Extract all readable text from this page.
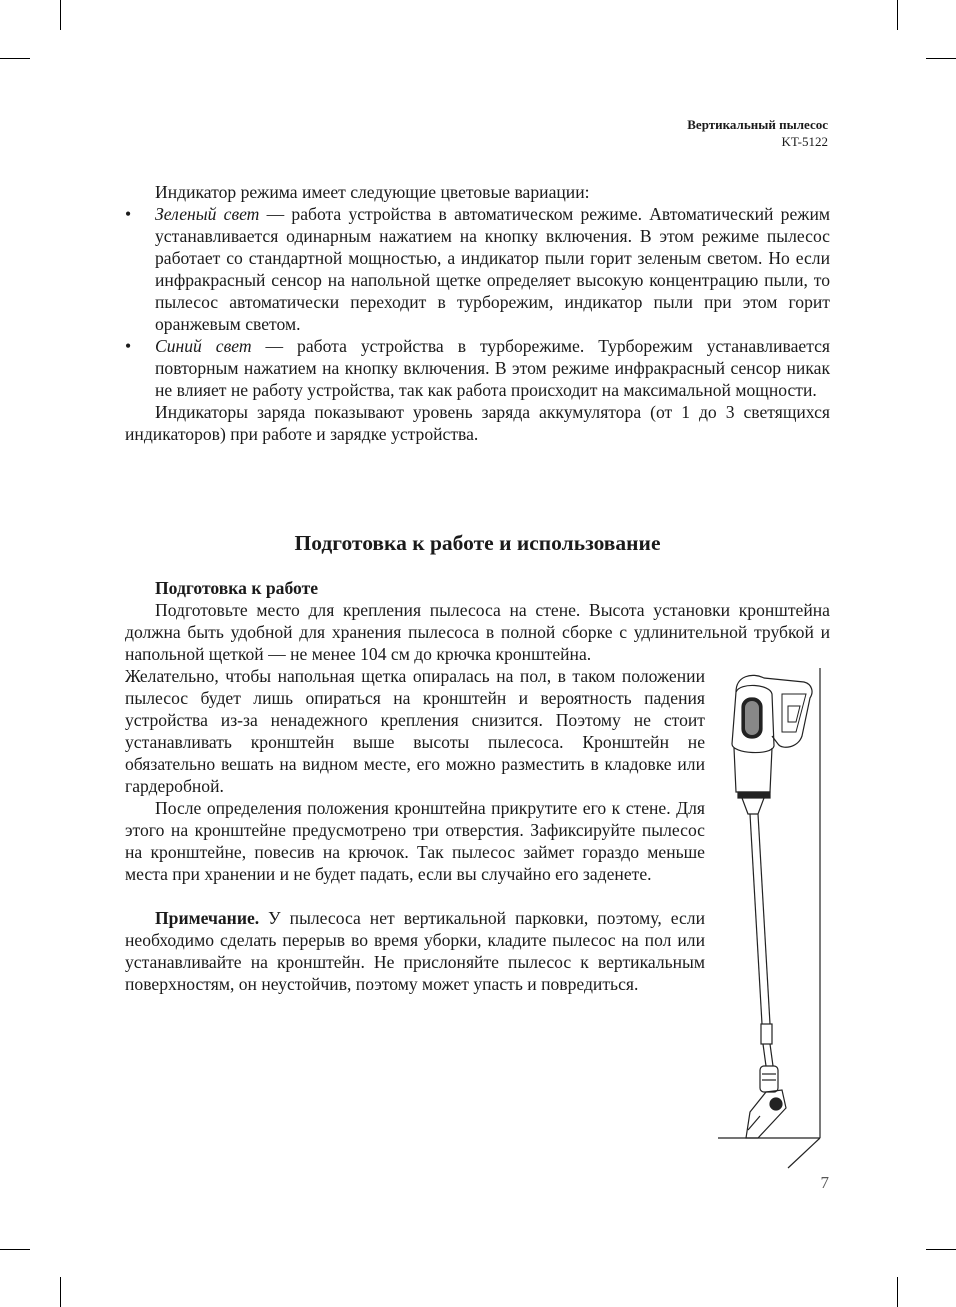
Вертикальный пылесос
KT-5122

Индикатор режима имеет следующие цветовые вариации:

• Зеленый свет — работа устройства в автоматическом режиме. Автоматический режим устанавливается одинарным нажатием на кнопку включения. В этом режиме пылесос работает со стандартной мощностью, а индикатор пыли горит зеленым светом. Но если инфракрасный сенсор на напольной щетке определяет высокую концентрацию пыли, то пылесос автоматически переходит в турборежим, индикатор пыли при этом горит оранжевым светом.
• Синий свет — работа устройства в турборежиме. Турборежим устанавливается повторным нажатием на кнопку включения. В этом режиме инфракрасный сенсор никак не влияет не работу устройства, так как работа происходит на максимальной мощности.

Индикаторы заряда показывают уровень заряда аккумулятора (от 1 до 3 светящихся индикаторов) при работе и зарядке устройства.

Подготовка к работе и использование

Подготовка к работе

Подготовьте место для крепления пылесоса на стене. Высота установки кронштейна должна быть удобной для хранения пылесоса в полной сборке с удлинительной трубкой и напольной щеткой — не менее 104 см до крючка кронштейна.

Желательно, чтобы напольная щетка опиралась на пол, в таком положении пылесос будет лишь опираться на кронштейн и вероятность падения устройства из-за ненадежного крепления снизится. Поэтому не стоит устанавливать кронштейн выше высоты пылесоса. Кронштейн не обязательно вешать на видном месте, его можно разместить в кладовке или гардеробной.

После определения положения кронштейна прикрутите его к стене. Для этого на кронштейне предусмотрено три отверстия. Зафиксируйте пылесос на кронштейне, повесив на крючок. Так пылесос займет гораздо меньше места при хранении и не будет падать, если вы случайно его заденете.

Примечание. У пылесоса нет вертикальной парковки, поэтому, если необходимо сделать перерыв во время уборки, кладите пылесос на пол или устанавливайте на кронштейн. Не прислоняйте пылесос к вертикальным поверхностям, он неустойчив, поэтому может упасть и повредиться.

7
